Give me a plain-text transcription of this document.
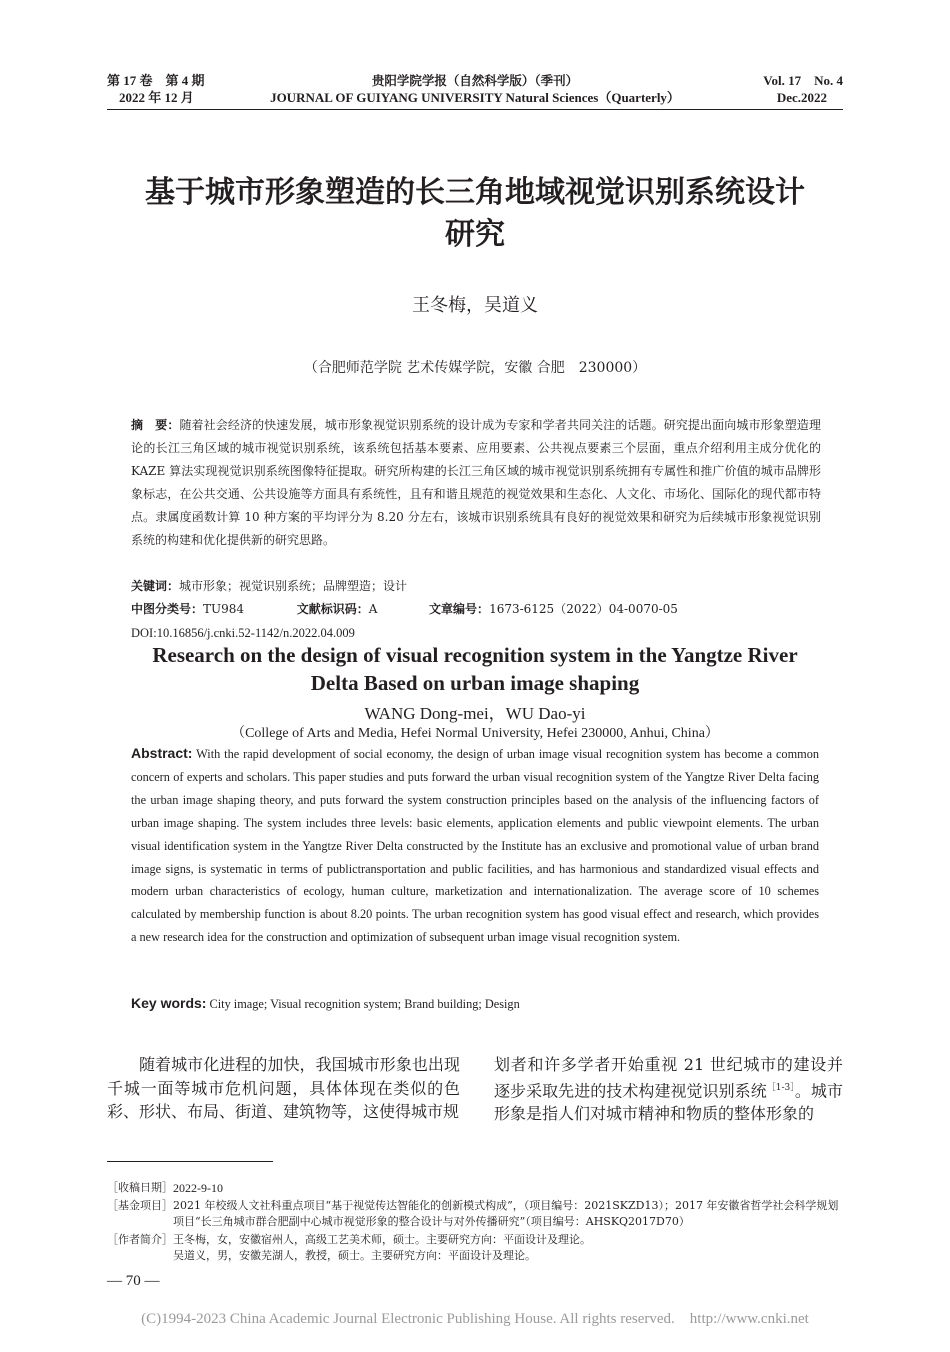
第 17 卷　第 4 期
2022 年 12 月
贵阳学院学报（自然科学版）（季刊）
JOURNAL OF GUIYANG UNIVERSITY Natural Sciences（Quarterly）
Vol. 17　No. 4
Dec.2022
基于城市形象塑造的长三角地域视觉识别系统设计
研究
王冬梅，吴道义
（合肥师范学院 艺术传媒学院，安徽 合肥　230000）
摘　要：随着社会经济的快速发展，城市形象视觉识别系统的设计成为专家和学者共同关注的话题。研究提出面向城市形象塑造理论的长江三角区域的城市视觉识别系统，该系统包括基本要素、应用要素、公共视点要素三个层面，重点介绍利用主成分优化的 KAZE 算法实现视觉识别系统图像特征提取。研究所构建的长江三角区域的城市视觉识别系统拥有专属性和推广价值的城市品牌形象标志，在公共交通、公共设施等方面具有系统性，且有和谐且规范的视觉效果和生态化、人文化、市场化、国际化的现代都市特点。隶属度函数计算 10 种方案的平均评分为 8.20 分左右，该城市识别系统具有良好的视觉效果和研究为后续城市形象视觉识别系统的构建和优化提供新的研究思路。
关键词：城市形象；视觉识别系统；品牌塑造；设计
中图分类号：TU984	文献标识码：A	文章编号：1673-6125（2022）04-0070-05
DOI:10.16856/j.cnki.52-1142/n.2022.04.009
Research on the design of visual recognition system in the Yangtze River
Delta Based on urban image shaping
WANG Dong-mei，WU Dao-yi
（College of Arts and Media, Hefei Normal University, Hefei 230000, Anhui, China）
Abstract: With the rapid development of social economy, the design of urban image visual recognition system has become a common concern of experts and scholars. This paper studies and puts forward the urban visual recognition system of the Yangtze River Delta facing the urban image shaping theory, and puts forward the system construction principles based on the analysis of the influencing factors of urban image shaping. The system includes three levels: basic elements, application elements and public viewpoint elements. The urban visual identification system in the Yangtze River Delta constructed by the Institute has an exclusive and promotional value of urban brand image signs, is systematic in terms of publictransportation and public facilities, and has harmonious and standardized visual effects and modern urban characteristics of ecology, human culture, marketization and internationalization. The average score of 10 schemes calculated by membership function is about 8.20 points. The urban recognition system has good visual effect and research, which provides a new research idea for the construction and optimization of subsequent urban image visual recognition system.
Key words: City image; Visual recognition system; Brand building; Design
随着城市化进程的加快，我国城市形象也出现千城一面等城市危机问题，具体体现在类似的色彩、形状、布局、街道、建筑物等，这使得城市规
划者和许多学者开始重视 21 世纪城市的建设并逐步采取先进的技术构建视觉识别系统$^{[1-3]}$。城市形象是指人们对城市精神和物质的整体形象的
［收稿日期］ 2022-9-10
［基金项目］ 2021 年校级人文社科重点项目“基于视觉传达智能化的创新模式构成”，（项目编号：2021SKZD13）；2017 年安徽省哲学社会科学规划项目“长三角城市群合肥副中心城市视觉形象的整合设计与对外传播研究”（项目编号：AHSKQ2017D70）
［作者简介］ 王冬梅，女，安徽宿州人，高级工艺美术师，硕士。主要研究方向：平面设计及理论。
吴道义，男，安徽芜湖人，教授，硕士。主要研究方向：平面设计及理论。
— 70 —
(C)1994-2023 China Academic Journal Electronic Publishing House. All rights reserved.　http://www.cnki.net
